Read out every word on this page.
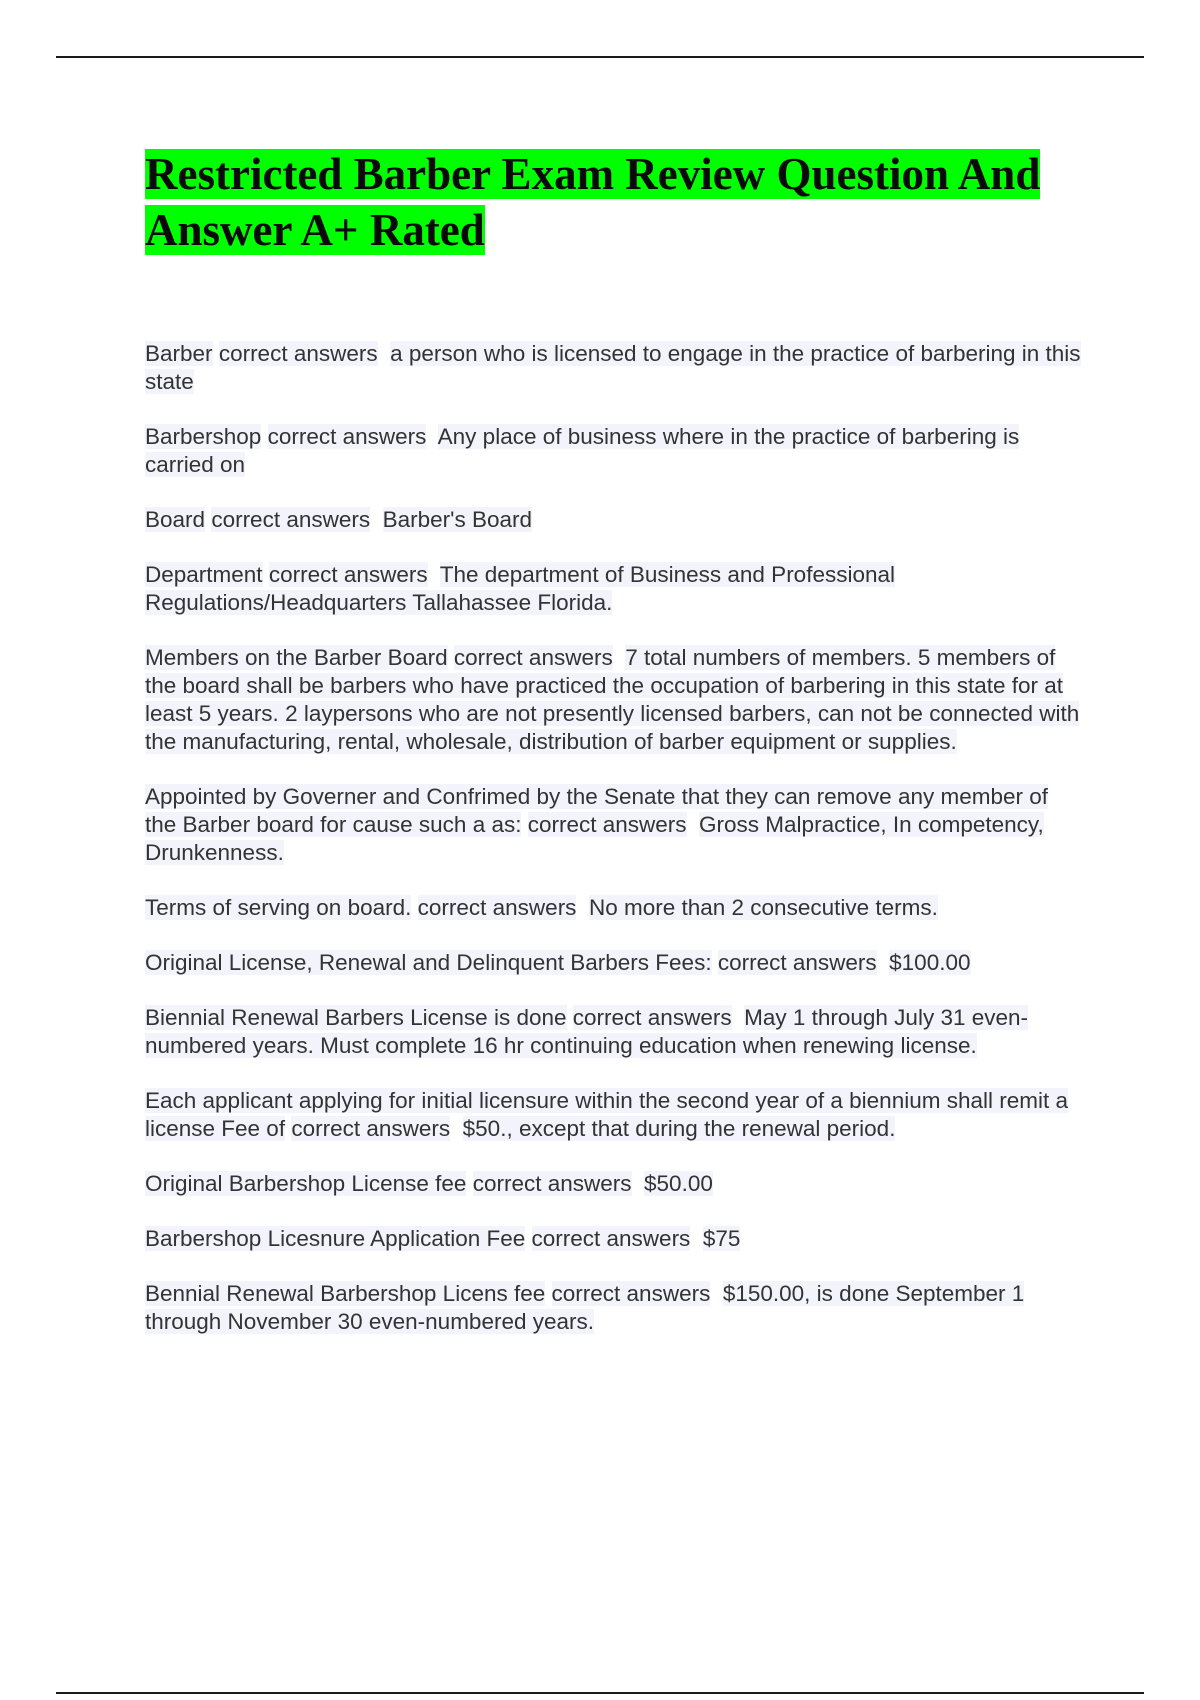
Restricted Barber Exam Review Question And Answer A+ Rated
Barber correct answers a person who is licensed to engage in the practice of barbering in this state
Barbershop correct answers Any place of business where in the practice of barbering is carried on
Board correct answers Barber's Board
Department correct answers The department of Business and Professional Regulations/Headquarters Tallahassee Florida.
Members on the Barber Board correct answers 7 total numbers of members. 5 members of the board shall be barbers who have practiced the occupation of barbering in this state for at least 5 years. 2 laypersons who are not presently licensed barbers, can not be connected with the manufacturing, rental, wholesale, distribution of barber equipment or supplies.
Appointed by Governer and Confrimed by the Senate that they can remove any member of the Barber board for cause such a as: correct answers Gross Malpractice, In competency, Drunkenness.
Terms of serving on board. correct answers No more than 2 consecutive terms.
Original License, Renewal and Delinquent Barbers Fees: correct answers $100.00
Biennial Renewal Barbers License is done correct answers May 1 through July 31 even-numbered years. Must complete 16 hr continuing education when renewing license.
Each applicant applying for initial licensure within the second year of a biennium shall remit a license Fee of correct answers $50., except that during the renewal period.
Original Barbershop License fee correct answers $50.00
Barbershop Licesnure Application Fee correct answers $75
Bennial Renewal Barbershop Licens fee correct answers $150.00, is done September 1 through November 30 even-numbered years.
